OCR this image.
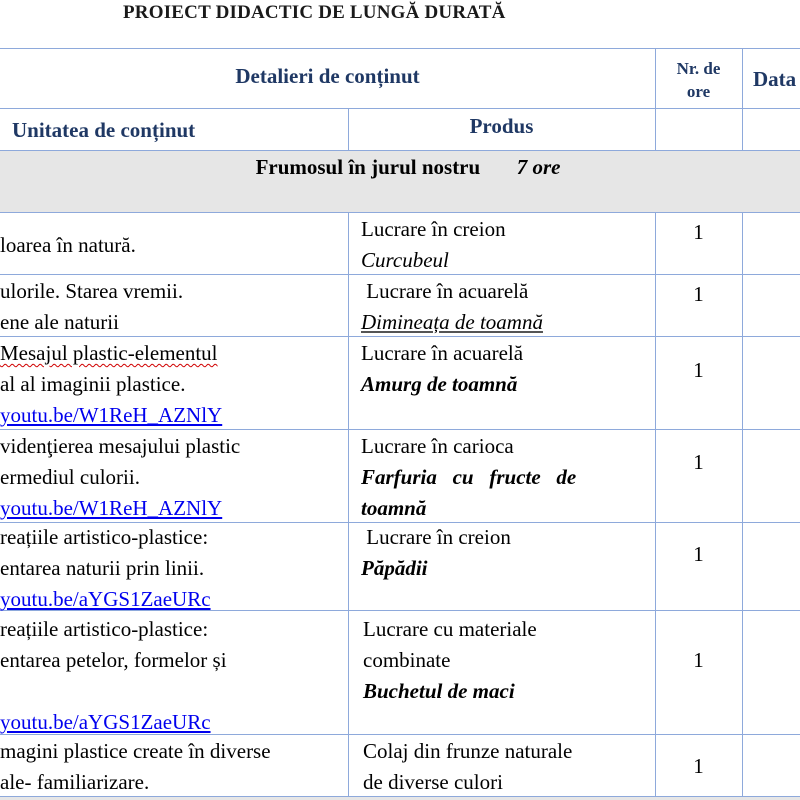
PROIECT DIDACTIC DE LUNGĂ DURATĂ
Detalieri de conținut	Nr. de
ore
Data
Unitatea de conținut	Produs
Frumosul în jurul nostru 7 ore
loarea în natură.
Lucrare în creion
Curcubeul
1
ulorile. Starea vremii.
ene ale naturii
Lucrare în acuarelă
Dimineața de toamnă
1
Mesajul plastic-elementul
al al imaginii plastice.
youtu.be/W1ReH_AZNlY
Lucrare în acuarelă
Amurg de toamnă
1
videnţierea mesajului plastic
ermediul culorii.
youtu.be/W1ReH_AZNlY
Lucrare în carioca
Farfuria   cu   fructe   de
toamnă
1
reațiile artistico-plastice:
entarea naturii prin linii.
youtu.be/aYGS1ZaeURc
Lucrare în creion
Păpădii
1
reațiile artistico-plastice:
entarea petelor, formelor și
youtu.be/aYGS1ZaeURc
Lucrare cu materiale
combinate
Buchetul de maci
1
magini plastice create în diverse
ale- familiarizare.
Colaj din frunze naturale
de diverse culori
1
